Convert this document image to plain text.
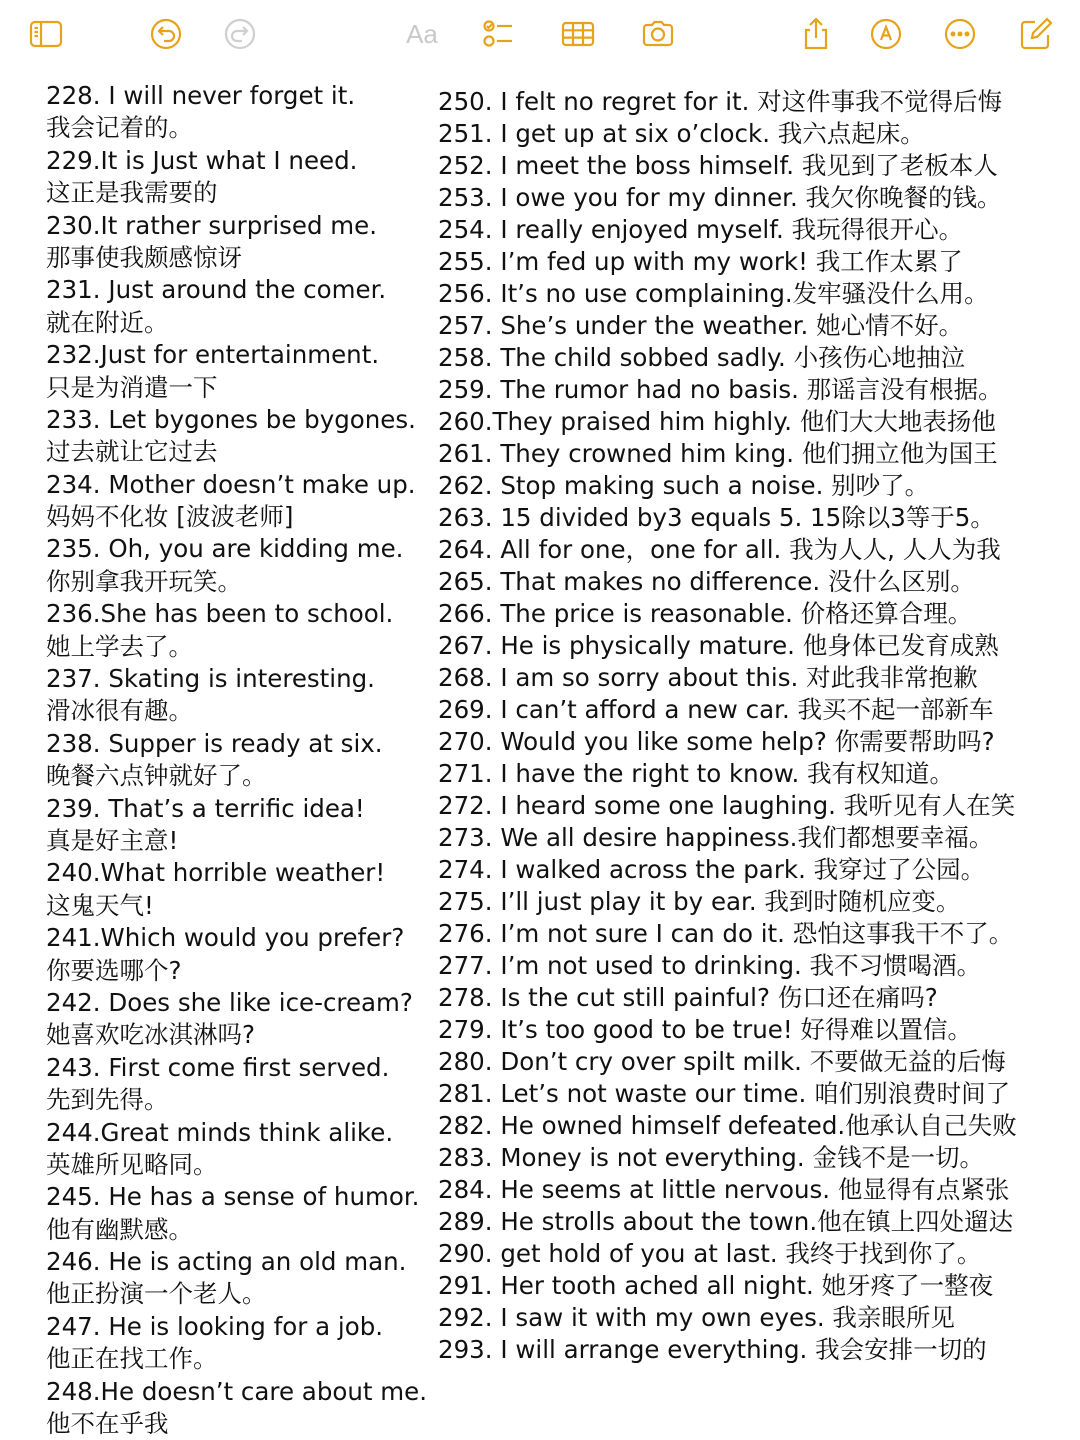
Aa
228. I will never forget it.
我会记着的。
229.It is Just what I need.
这正是我需要的
230.It rather surprised me.
那事使我颇感惊讶
231. Just around the comer.
就在附近。
232.Just for entertainment.
只是为消遣一下
233. Let bygones be bygones.
过去就让它过去
234. Mother doesn’t make up.
妈妈不化妆 [波波老师]
235. Oh, you are kidding me.
你别拿我开玩笑。
236.She has been to school.
她上学去了。
237. Skating is interesting.
滑冰很有趣。
238. Supper is ready at six.
晚餐六点钟就好了。
239. That’s a terrific idea!
真是好主意!
240.What horrible weather!
这鬼天气!
241.Which would you prefer?
你要选哪个?
242. Does she like ice-cream?
她喜欢吃冰淇淋吗?
243. First come first served.
先到先得。
244.Great minds think alike.
英雄所见略同。
245. He has a sense of humor.
他有幽默感。
246. He is acting an old man.
他正扮演一个老人。
247. He is looking for a job.
他正在找工作。
248.He doesn’t care about me.
他不在乎我
250. I felt no regret for it. 对这件事我不觉得后悔
251. I get up at six o’clock. 我六点起床。
252. I meet the boss himself. 我见到了老板本人
253. I owe you for my dinner. 我欠你晚餐的钱。
254. I really enjoyed myself. 我玩得很开心。
255. I’m fed up with my work! 我工作太累了
256. It’s no use complaining.发牢骚没什么用。
257. She’s under the weather. 她心情不好。
258. The child sobbed sadly. 小孩伤心地抽泣
259. The rumor had no basis. 那谣言没有根据。
260.They praised him highly. 他们大大地表扬他
261. They crowned him king. 他们拥立他为国王
262. Stop making such a noise. 别吵了。
263. 15 divided by3 equals 5. 15除以3等于5。
264. All for one，one for all. 我为人人, 人人为我
265. That makes no difference. 没什么区别。
266. The price is reasonable. 价格还算合理。
267. He is physically mature. 他身体已发育成熟
268. I am so sorry about this. 对此我非常抱歉
269. I can’t afford a new car. 我买不起一部新车
270. Would you like some help? 你需要帮助吗?
271. I have the right to know. 我有权知道。
272. I heard some one laughing. 我听见有人在笑
273. We all desire happiness.我们都想要幸福。
274. I walked across the park. 我穿过了公园。
275. I’ll just play it by ear. 我到时随机应变。
276. I’m not sure I can do it. 恐怕这事我干不了。
277. I’m not used to drinking. 我不习惯喝酒。
278. Is the cut still painful? 伤口还在痛吗?
279. It’s too good to be true! 好得难以置信。
280. Don’t cry over spilt milk. 不要做无益的后悔
281. Let’s not waste our time. 咱们别浪费时间了
282. He owned himself defeated.他承认自己失败
283. Money is not everything. 金钱不是一切。
284. He seems at little nervous. 他显得有点紧张
289. He strolls about the town.他在镇上四处遛达
290. get hold of you at last. 我终于找到你了。
291. Her tooth ached all night. 她牙疼了一整夜
292. I saw it with my own eyes. 我亲眼所见
293. I will arrange everything. 我会安排一切的
